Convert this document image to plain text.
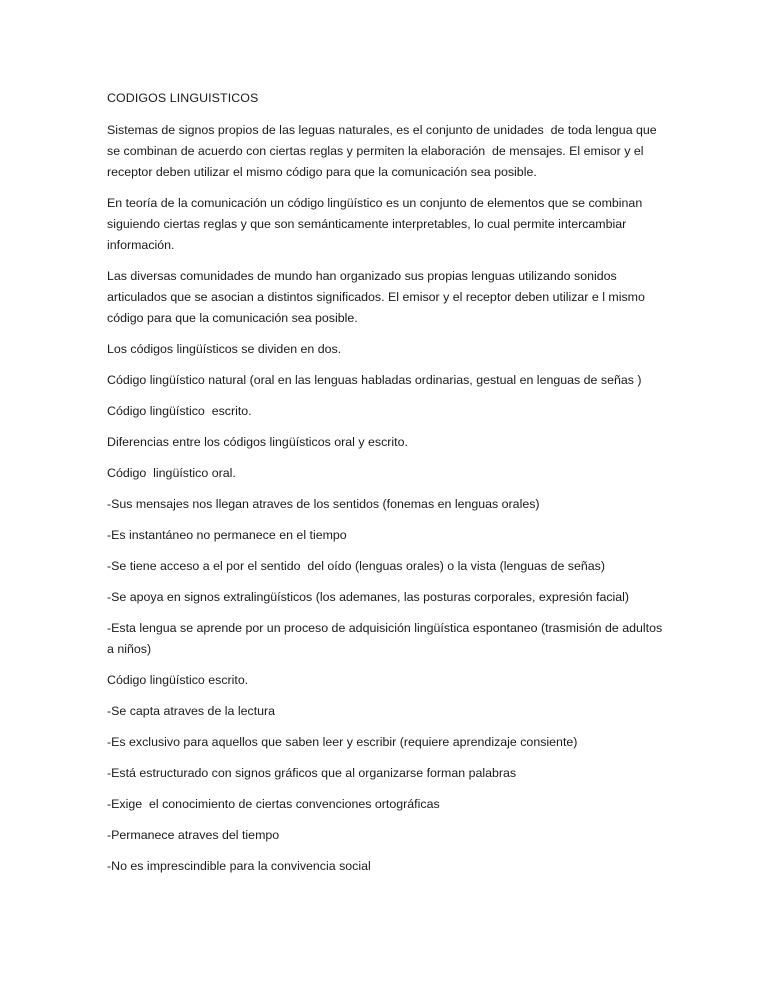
CODIGOS LINGUISTICOS

Sistemas de signos propios de las leguas naturales, es el conjunto de unidades  de toda lengua que se combinan de acuerdo con ciertas reglas y permiten la elaboración  de mensajes. El emisor y el receptor deben utilizar el mismo código para que la comunicación sea posible.

En teoría de la comunicación un código lingüístico es un conjunto de elementos que se combinan siguiendo ciertas reglas y que son semánticamente interpretables, lo cual permite intercambiar información.

Las diversas comunidades de mundo han organizado sus propias lenguas utilizando sonidos articulados que se asocian a distintos significados. El emisor y el receptor deben utilizar e l mismo código para que la comunicación sea posible.

Los códigos lingüísticos se dividen en dos.

Código lingüístico natural (oral en las lenguas habladas ordinarias, gestual en lenguas de señas )

Código lingüístico  escrito.

Diferencias entre los códigos lingüísticos oral y escrito.

Código  lingüístico oral.

-Sus mensajes nos llegan atraves de los sentidos (fonemas en lenguas orales)

-Es instantáneo no permanece en el tiempo

-Se tiene acceso a el por el sentido  del oído (lenguas orales) o la vista (lenguas de señas)

-Se apoya en signos extralingüísticos (los ademanes, las posturas corporales, expresión facial)

-Esta lengua se aprende por un proceso de adquisición lingüística espontaneo (trasmisión de adultos a niños)

Código lingüístico escrito.

-Se capta atraves de la lectura

-Es exclusivo para aquellos que saben leer y escribir (requiere aprendizaje consiente)

-Está estructurado con signos gráficos que al organizarse forman palabras

-Exige  el conocimiento de ciertas convenciones ortográficas

-Permanece atraves del tiempo

-No es imprescindible para la convivencia social
